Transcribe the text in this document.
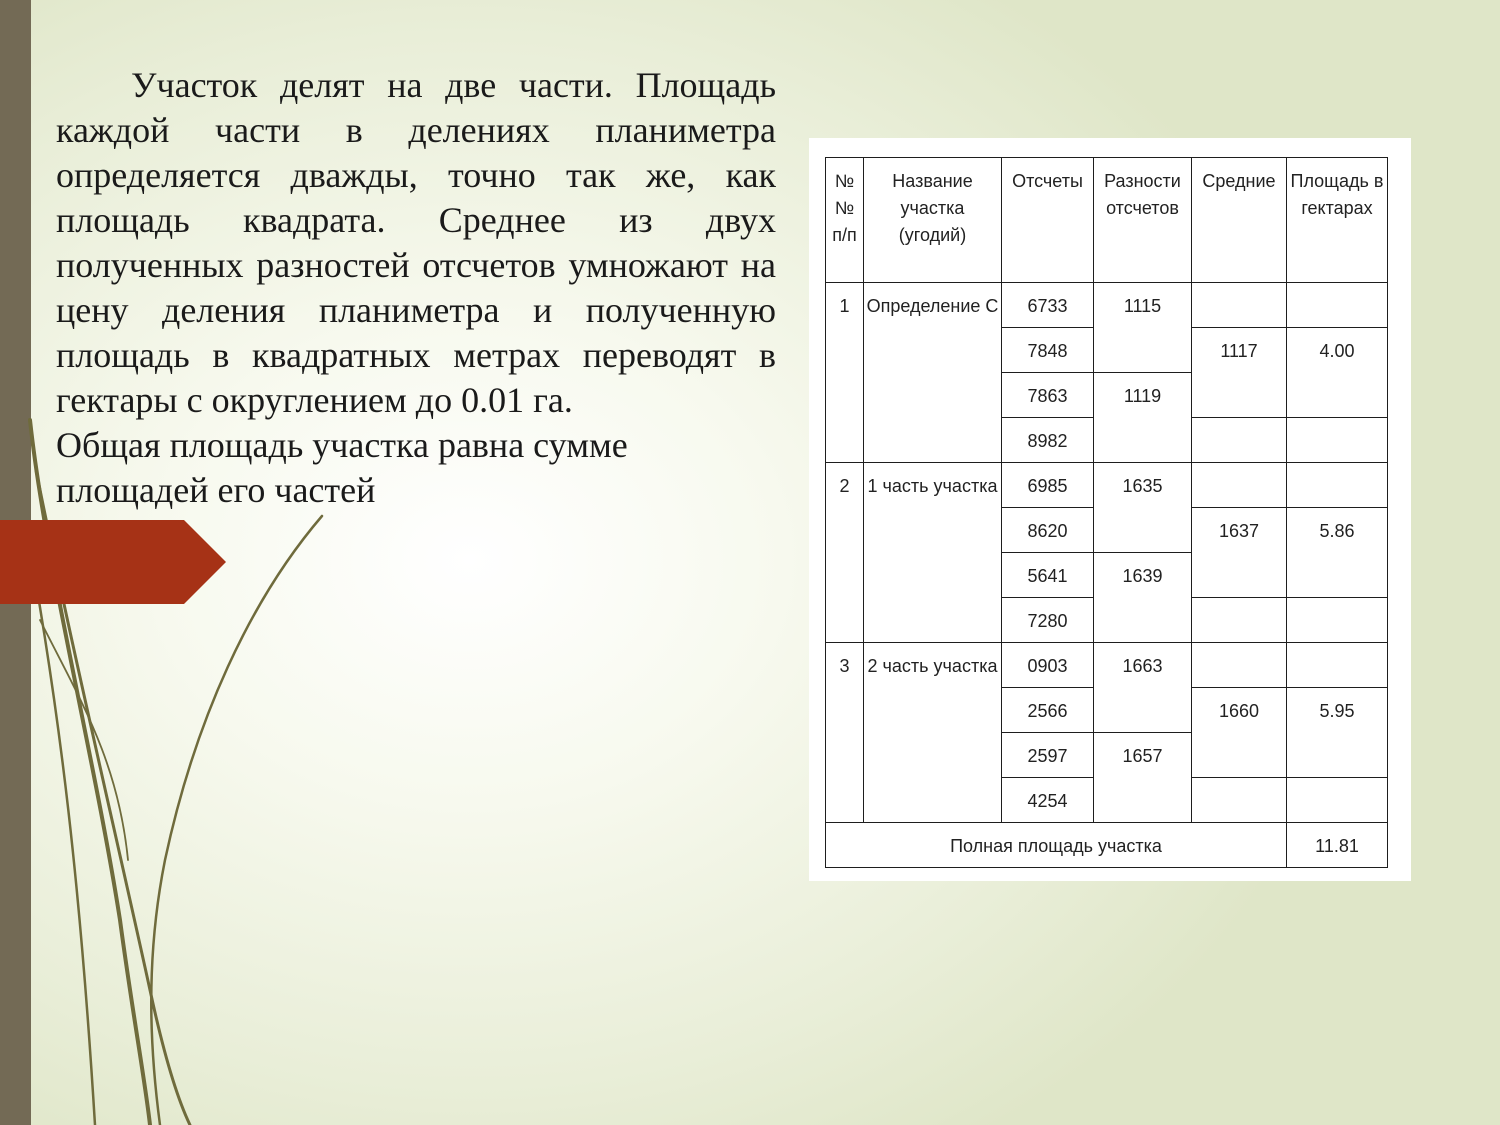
Участок делят на две части. Площадь каждой части в делениях планиметра определяется дважды, точно так же, как площадь квадрата. Среднее из двух полученных разностей отсчетов умножают на цену деления планиметра и полученную площадь в квадратных метрах переводят в гектары с округлением до 0.01 га.

Общая площадь участка равна сумме площадей его частей

№ № п/п	Название участка (угодий)	Отсчеты	Разности отсчетов	Средние	Площадь в гектарах
1	Определение С	6733	1115		
		7848		1117	4.00
		7863	1119		
		8982			
2	1 часть участка	6985	1635		
		8620		1637	5.86
		5641	1639		
		7280			
3	2 часть участка	0903	1663		
		2566		1660	5.95
		2597	1657		
		4254			
Полная площадь участка					11.81
